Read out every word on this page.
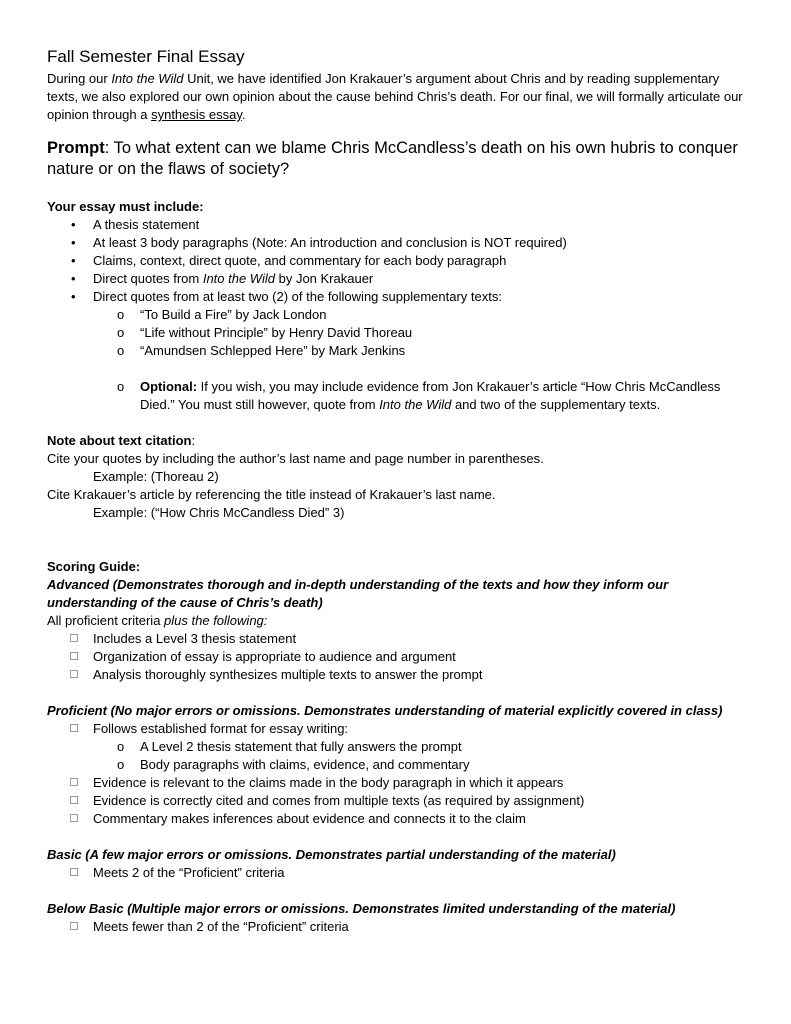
Fall Semester Final Essay

During our Into the Wild Unit, we have identified Jon Krakauer’s argument about Chris and by reading supplementary texts, we also explored our own opinion about the cause behind Chris’s death. For our final, we will formally articulate our opinion through a synthesis essay.

Prompt: To what extent can we blame Chris McCandless’s death on his own hubris to conquer nature or on the flaws of society?

Your essay must include:

• A thesis statement
• At least 3 body paragraphs (Note: An introduction and conclusion is NOT required)
• Claims, context, direct quote, and commentary for each body paragraph
• Direct quotes from Into the Wild by Jon Krakauer
• Direct quotes from at least two (2) of the following supplementary texts:
o “To Build a Fire” by Jack London
o “Life without Principle” by Henry David Thoreau
o “Amundsen Schlepped Here” by Mark Jenkins
o Optional: If you wish, you may include evidence from Jon Krakauer’s article “How Chris McCandless Died.” You must still however, quote from Into the Wild and two of the supplementary texts.

Note about text citation:

Cite your quotes by including the author’s last name and page number in parentheses.

Example: (Thoreau 2)

Cite Krakauer’s article by referencing the title instead of Krakauer’s last name.

Example: (“How Chris McCandless Died” 3)

Scoring Guide:

Advanced (Demonstrates thorough and in-depth understanding of the texts and how they inform our understanding of the cause of Chris’s death)

All proficient criteria plus the following:

Includes a Level 3 thesis statement
Organization of essay is appropriate to audience and argument
Analysis thoroughly synthesizes multiple texts to answer the prompt

Proficient (No major errors or omissions. Demonstrates understanding of material explicitly covered in class)

Follows established format for essay writing:
o A Level 2 thesis statement that fully answers the prompt
o Body paragraphs with claims, evidence, and commentary
Evidence is relevant to the claims made in the body paragraph in which it appears
Evidence is correctly cited and comes from multiple texts (as required by assignment)
Commentary makes inferences about evidence and connects it to the claim

Basic (A few major errors or omissions. Demonstrates partial understanding of the material)

Meets 2 of the “Proficient” criteria

Below Basic (Multiple major errors or omissions. Demonstrates limited understanding of the material)

Meets fewer than 2 of the “Proficient” criteria
